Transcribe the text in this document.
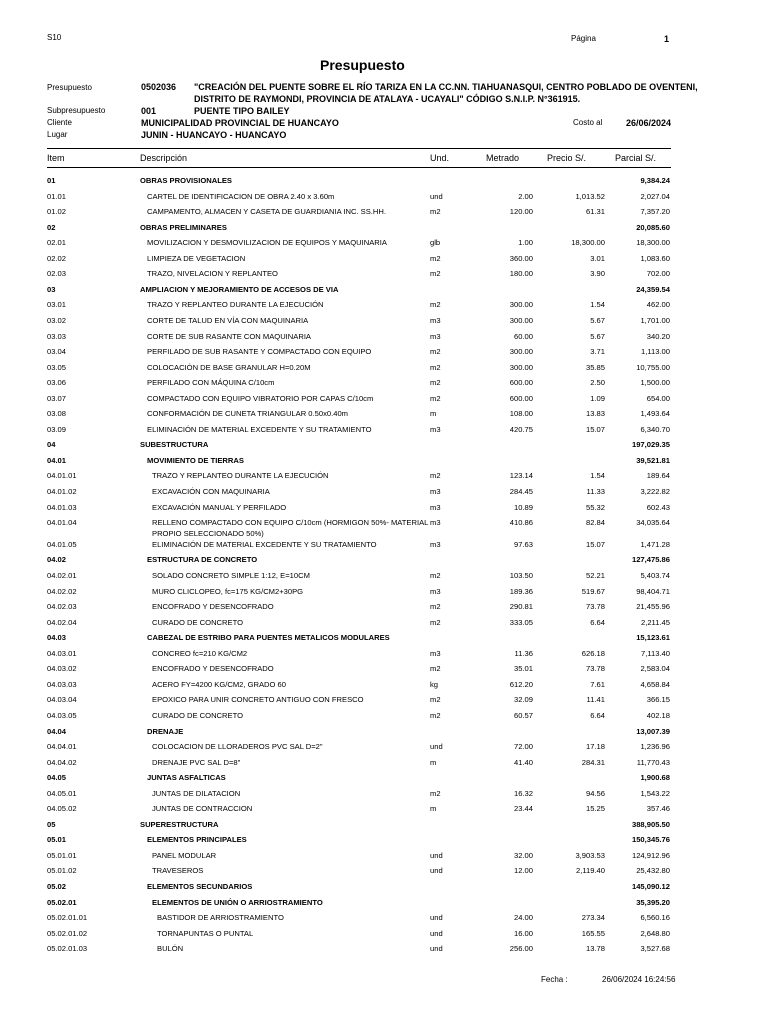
S10	Página	1
Presupuesto
Presupuesto	0502036 "CREACIÓN DEL PUENTE SOBRE EL RÍO TARIZA EN LA CC.NN. TIAHUANASQUI, CENTRO POBLADO DE OVENTENI,
DISTRITO DE RAYMONDI, PROVINCIA DE ATALAYA - UCAYALI" CÓDIGO S.N.I.P. N°361915.
Subpresupuesto	001	PUENTE TIPO BAILEY
Cliente	MUNICIPALIDAD PROVINCIAL DE HUANCAYO	Costo al	26/06/2024
Lugar	JUNIN - HUANCAYO - HUANCAYO
Item	Descripción	Und.	Metrado	Precio S/.	Parcial S/.
01	OBRAS PROVISIONALES	9,384.24
01.01	CARTEL DE IDENTIFICACION DE OBRA 2.40 x 3.60m	und	2.00	1,013.52	2,027.04
01.02	CAMPAMENTO, ALMACEN Y CASETA DE GUARDIANIA INC. SS.HH.	m2	120.00	61.31	7,357.20
02	OBRAS PRELIMINARES	20,085.60
02.01	MOVILIZACION Y DESMOVILIZACION DE EQUIPOS Y MAQUINARIA	glb	1.00	18,300.00	18,300.00
02.02	LIMPIEZA DE VEGETACION	m2	360.00	3.01	1,083.60
02.03	TRAZO, NIVELACION Y REPLANTEO	m2	180.00	3.90	702.00
03	AMPLIACION Y MEJORAMIENTO DE ACCESOS DE VIA	24,359.54
03.01	TRAZO Y REPLANTEO DURANTE LA EJECUCIÓN	m2	300.00	1.54	462.00
03.02	CORTE DE TALUD EN VÍA CON MAQUINARIA	m3	300.00	5.67	1,701.00
03.03	CORTE DE SUB RASANTE CON MAQUINARIA	m3	60.00	5.67	340.20
03.04	PERFILADO DE SUB RASANTE Y COMPACTADO CON EQUIPO	m2	300.00	3.71	1,113.00
03.05	COLOCACIÓN DE BASE GRANULAR H=0.20M	m2	300.00	35.85	10,755.00
03.06	PERFILADO CON MÁQUINA C/10cm	m2	600.00	2.50	1,500.00
03.07	COMPACTADO CON EQUIPO VIBRATORIO POR CAPAS C/10cm	m2	600.00	1.09	654.00
03.08	CONFORMACIÓN DE CUNETA TRIANGULAR 0.50x0.40m	m	108.00	13.83	1,493.64
03.09	ELIMINACIÓN DE MATERIAL EXCEDENTE Y SU TRATAMIENTO	m3	420.75	15.07	6,340.70
04	SUBESTRUCTURA	197,029.35
04.01	MOVIMIENTO DE TIERRAS	39,521.81
04.01.01	TRAZO Y REPLANTEO DURANTE LA EJECUCIÓN	m2	123.14	1.54	189.64
04.01.02	EXCAVACIÓN CON MAQUINARIA	m3	284.45	11.33	3,222.82
04.01.03	EXCAVACIÓN MANUAL Y PERFILADO	m3	10.89	55.32	602.43
04.01.04	RELLENO COMPACTADO CON EQUIPO C/10cm (HORMIGON 50%- MATERIAL PROPIO SELECCIONADO 50%)
m3	410.86	82.84	34,035.64
04.01.05	ELIMINACIÓN DE MATERIAL EXCEDENTE Y SU TRATAMIENTO	m3	97.63	15.07	1,471.28
04.02	ESTRUCTURA DE CONCRETO	127,475.86
04.02.01	SOLADO CONCRETO SIMPLE 1:12, E=10CM	m2	103.50	52.21	5,403.74
04.02.02	MURO CLICLOPEO, fc=175 KG/CM2+30PG	m3	189.36	519.67	98,404.71
04.02.03	ENCOFRADO Y DESENCOFRADO	m2	290.81	73.78	21,455.96
04.02.04	CURADO DE CONCRETO	m2	333.05	6.64	2,211.45
04.03	CABEZAL DE ESTRIBO PARA PUENTES METALICOS MODULARES	15,123.61
04.03.01	CONCREO fc=210 KG/CM2	m3	11.36	626.18	7,113.40
04.03.02	ENCOFRADO Y DESENCOFRADO	m2	35.01	73.78	2,583.04
04.03.03	ACERO FY=4200 KG/CM2, GRADO 60	kg	612.20	7.61	4,658.84
04.03.04	EPOXICO PARA UNIR CONCRETO ANTIGUO CON FRESCO	m2	32.09	11.41	366.15
04.03.05	CURADO DE CONCRETO	m2	60.57	6.64	402.18
04.04	DRENAJE	13,007.39
04.04.01	COLOCACION DE LLORADEROS PVC SAL D=2"	und	72.00	17.18	1,236.96
04.04.02	DRENAJE PVC SAL D=8"	m	41.40	284.31	11,770.43
04.05	JUNTAS ASFALTICAS	1,900.68
04.05.01	JUNTAS DE DILATACION	m2	16.32	94.56	1,543.22
04.05.02	JUNTAS DE CONTRACCION	m	23.44	15.25	357.46
05	SUPERESTRUCTURA	388,905.50
05.01	ELEMENTOS PRINCIPALES	150,345.76
05.01.01	PANEL MODULAR	und	32.00	3,903.53	124,912.96
05.01.02	TRAVESEROS	und	12.00	2,119.40	25,432.80
05.02	ELEMENTOS SECUNDARIOS	145,090.12
05.02.01	ELEMENTOS DE UNIÓN O ARRIOSTRAMIENTO	35,395.20
05.02.01.01	BASTIDOR DE ARRIOSTRAMIENTO	und	24.00	273.34	6,560.16
05.02.01.02	TORNAPUNTAS O PUNTAL	und	16.00	165.55	2,648.80
05.02.01.03	BULÓN	und	256.00	13.78	3,527.68
Fecha :	26/06/2024 16:24:56
